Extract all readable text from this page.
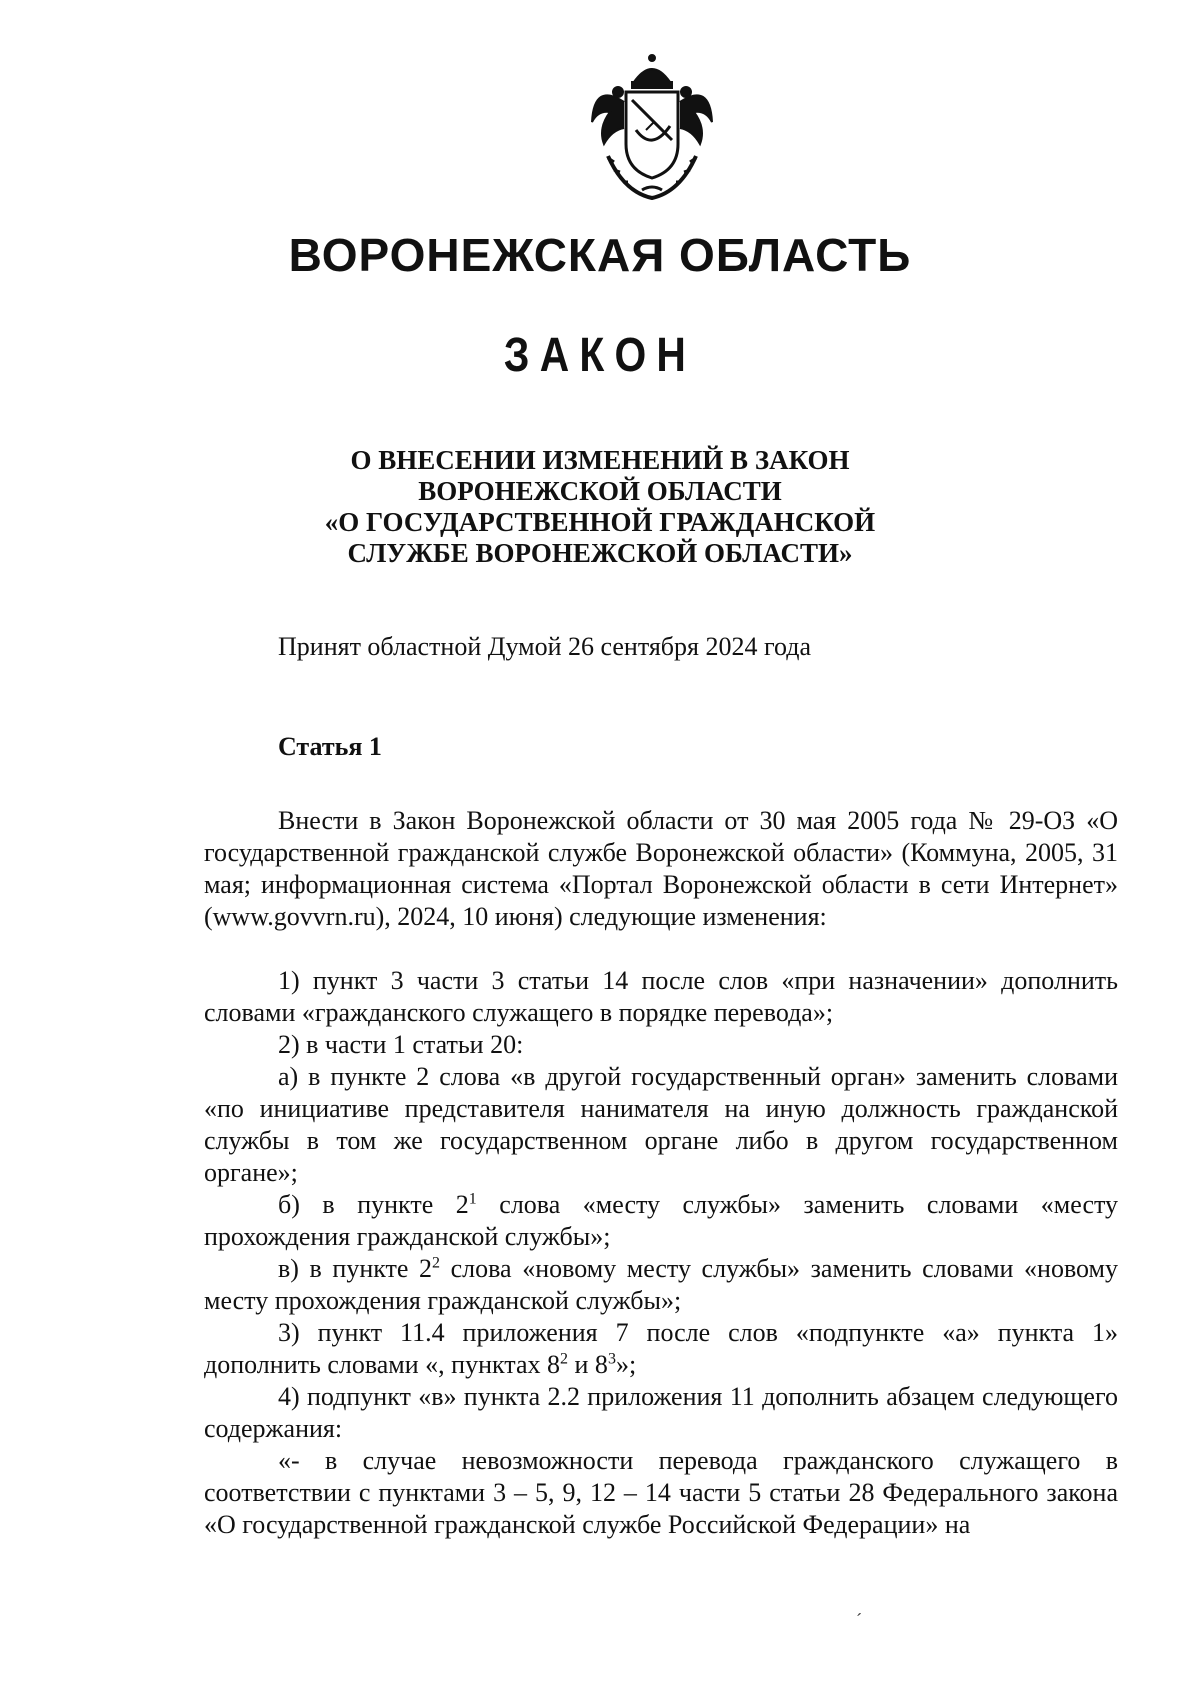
ВОРОНЕЖСКАЯ ОБЛАСТЬ
ЗАКОН
О ВНЕСЕНИИ ИЗМЕНЕНИЙ В ЗАКОН
ВОРОНЕЖСКОЙ ОБЛАСТИ
«О ГОСУДАРСТВЕННОЙ ГРАЖДАНСКОЙ
СЛУЖБЕ ВОРОНЕЖСКОЙ ОБЛАСТИ»
Принят областной Думой 26 сентября 2024 года
Статья 1

Внести в Закон Воронежской области от 30 мая 2005 года № 29-ОЗ «О государственной гражданской службе Воронежской области» (Коммуна, 2005, 31 мая; информационная система «Портал Воронежской области в сети Интернет» (www.govvrn.ru), 2024, 10 июня) следующие изменения:

1) пункт 3 части 3 статьи 14 после слов «при назначении» дополнить словами «гражданского служащего в порядке перевода»;

2) в части 1 статьи 20:

а) в пункте 2 слова «в другой государственный орган» заменить словами «по инициативе представителя нанимателя на иную должность гражданской службы в том же государственном органе либо в другом государственном органе»;

б) в пункте $2^1$ слова «месту службы» заменить словами «месту прохождения гражданской службы»;

в) в пункте $2^2$ слова «новому месту службы» заменить словами «новому месту прохождения гражданской службы»;

3) пункт 11.4 приложения 7 после слов «подпункте «а» пункта 1» дополнить словами «, пунктах $8^2$ и $8^3$»;

4) подпункт «в» пункта 2.2 приложения 11 дополнить абзацем следующего содержания:

«- в случае невозможности перевода гражданского служащего в соответствии с пунктами 3 – 5, 9, 12 – 14 части 5 статьи 28 Федерального закона «О государственной гражданской службе Российской Федерации» на

´
